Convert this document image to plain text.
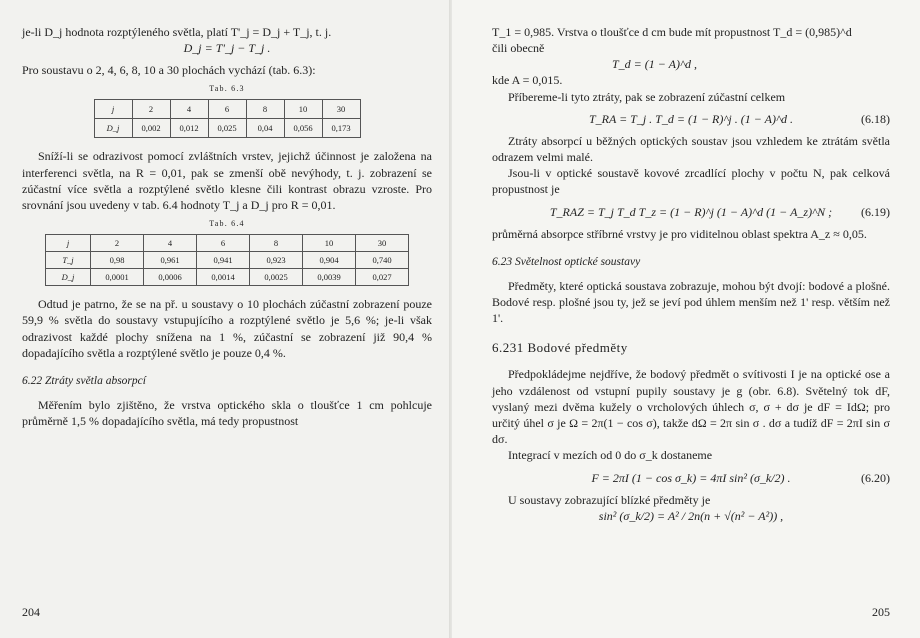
je-li D_j hodnota rozptýleného světla, platí T'_j = D_j + T_j, t. j.

D_j = T'_j − T_j .

Pro soustavu o 2, 4, 6, 8, 10 a 30 plochách vychází (tab. 6.3):

Tab. 6.3
j	2	4	6	8	10	30
D_j	0,002	0,012	0,025	0,04	0,056	0,173

Sníží-li se odrazivost pomocí zvláštních vrstev, jejichž účinnost je založena na interferenci světla, na R = 0,01, pak se zmenší obě nevýhody, t. j. zobrazení se zúčastní více světla a rozptýlené světlo klesne čili kontrast obrazu vzroste. Pro srovnání jsou uvedeny v tab. 6.4 hodnoty T_j a D_j pro R = 0,01.

Tab. 6.4
j	2	4	6	8	10	30
T_j	0,98	0,961	0,941	0,923	0,904	0,740
D_j	0,0001	0,0006	0,0014	0,0025	0,0039	0,027

Odtud je patrno, že se na př. u soustavy o 10 plochách zúčastní zobrazení pouze 59,9 % světla do soustavy vstupujícího a rozptýlené světlo je 5,6 %; je-li však odrazivost každé plochy snížena na 1 %, zúčastní se zobrazení již 90,4 % dopadajícího světla a rozptýlené světlo je pouze 0,4 %.

6.22 Ztráty světla absorpcí

Měřením bylo zjištěno, že vrstva optického skla o tloušťce 1 cm pohlcuje průměrně 1,5 % dopadajícího světla, má tedy propustnost

204

T_1 = 0,985. Vrstva o tloušťce d cm bude mít propustnost T_d = (0,985)^d

čili obecně

T_d = (1 − A)^d ,

kde A = 0,015.

Příbereme-li tyto ztráty, pak se zobrazení zúčastní celkem

T_RA = T_j . T_d = (1 − R)^j . (1 − A)^d .	(6.18)

Ztráty absorpcí u běžných optických soustav jsou vzhledem ke ztrátám světla odrazem velmi malé.

Jsou-li v optické soustavě kovové zrcadlící plochy v počtu N, pak celková propustnost je

T_RAZ = T_j T_d T_z = (1 − R)^j (1 − A)^d (1 − A_z)^N ; (6.19)

průměrná absorpce stříbrné vrstvy je pro viditelnou oblast spektra A_z ≈ 0,05.

6.23 Světelnost optické soustavy

Předměty, které optická soustava zobrazuje, mohou být dvojí: bodové a plošné. Bodové resp. plošné jsou ty, jež se jeví pod úhlem menším než 1' resp. větším než 1'.

6.231 Bodové předměty

Předpokládejme nejdříve, že bodový předmět o svítivosti I je na optické ose a jeho vzdálenost od vstupní pupily soustavy je g (obr. 6.8). Světelný tok dF, vyslaný mezi dvěma kužely o vrcholových úhlech σ, σ + dσ je dF = IdΩ; pro určitý úhel σ je Ω = 2π(1 − cos σ), takže dΩ = 2π sin σ . dσ a tudíž dF = 2πI sin σ dσ.

Integrací v mezích od 0 do σ_k dostaneme

F = 2πI (1 − cos σ_k) = 4πI sin² (σ_k/2) .	(6.20)

U soustavy zobrazující blízké předměty je

sin² (σ_k/2) = A² / 2n(n + √(n² − A²)) ,
205
